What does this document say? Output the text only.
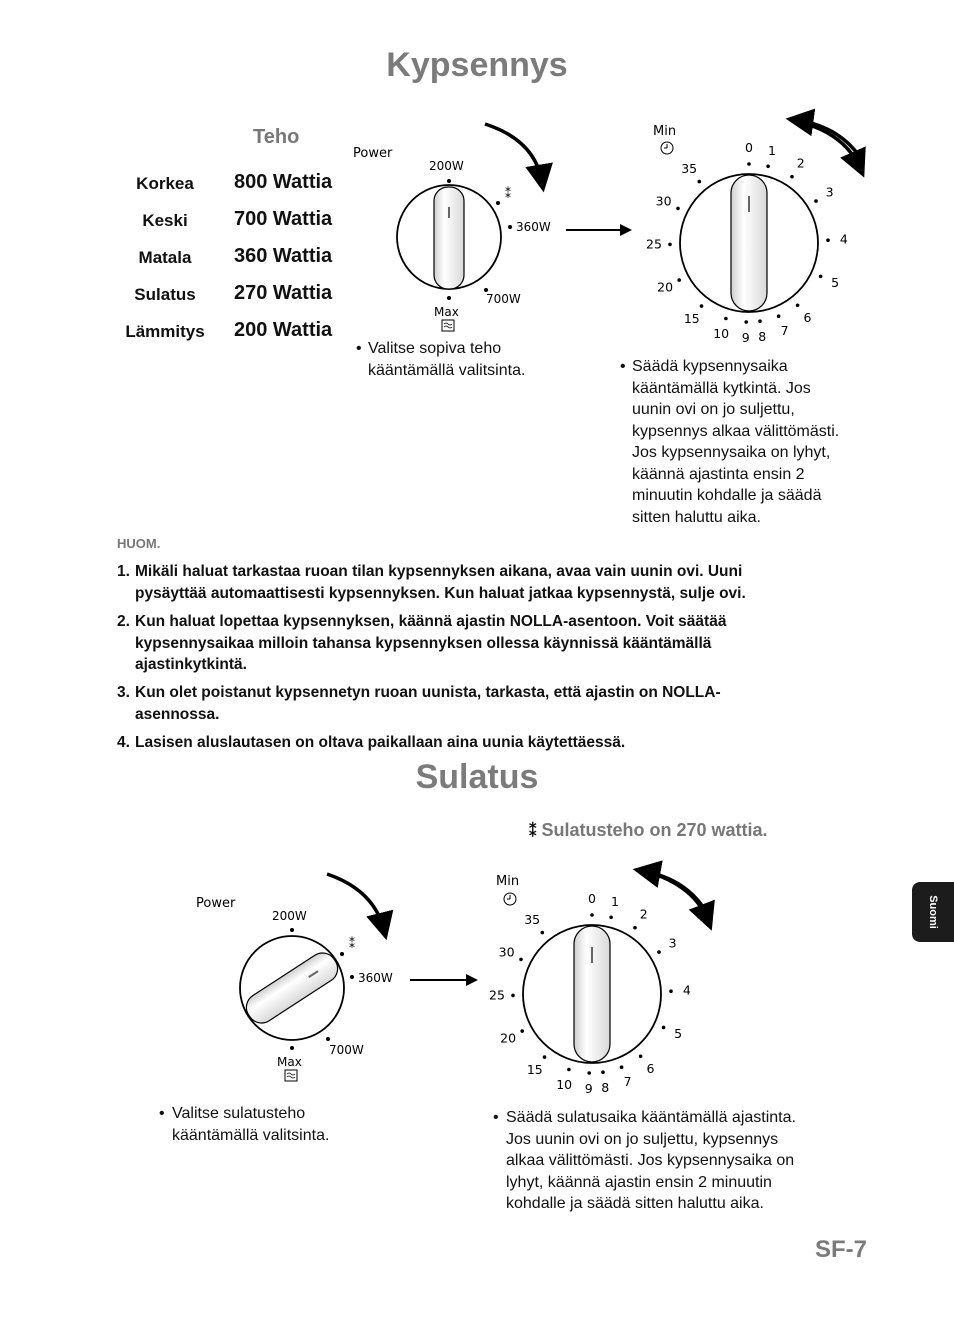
Kypsennys
Teho
Korkea	800 Wattia
Keski	700 Wattia
Matala	360 Wattia
Sulatus	270 Wattia
Lämmitys	200 Wattia
Power
200W
⁑
360W
700W
Max
Min
0 1
2
3
4
5
6
7
8
9
10
15
20
25
30
35
• Valitse sopiva teho
kääntämällä valitsinta.	• Säädä kypsennysaika
kääntämällä kytkintä. Jos
uunin ovi on jo suljettu,
kypsennys alkaa välittömästi.
Jos kypsennysaika on lyhyt,
käännä ajastinta ensin 2
minuutin kohdalle ja säädä
sitten haluttu aika.
HUOM.
1. Mikäli haluat tarkastaa ruoan tilan kypsennyksen aikana, avaa vain uunin ovi. Uuni
pysäyttää automaattisesti kypsennyksen. Kun haluat jatkaa kypsennystä, sulje ovi.
2. Kun haluat lopettaa kypsennyksen, käännä ajastin NOLLA-asentoon. Voit säätää
kypsennysaikaa milloin tahansa kypsennyksen ollessa käynnissä kääntämällä
ajastinkytkintä.
3. Kun olet poistanut kypsennetyn ruoan uunista, tarkasta, että ajastin on NOLLA-
asennossa.
4. Lasisen aluslautasen on oltava paikallaan aina uunia käytettäessä.
Sulatus
⁑ Sulatusteho on 270 wattia.
Power
200W
⁑
360W
700W
Max
Min
0 1
2
3
4
5
6
7
8
9
10
15
20
25
30
35
• Valitse sulatusteho
kääntämällä valitsinta.
• Säädä sulatusaika kääntämällä ajastinta.
Jos uunin ovi on jo suljettu, kypsennys
alkaa välittömästi. Jos kypsennysaika on
lyhyt, käännä ajastin ensin 2 minuutin
kohdalle ja säädä sitten haluttu aika.
Suomi
SF-7
